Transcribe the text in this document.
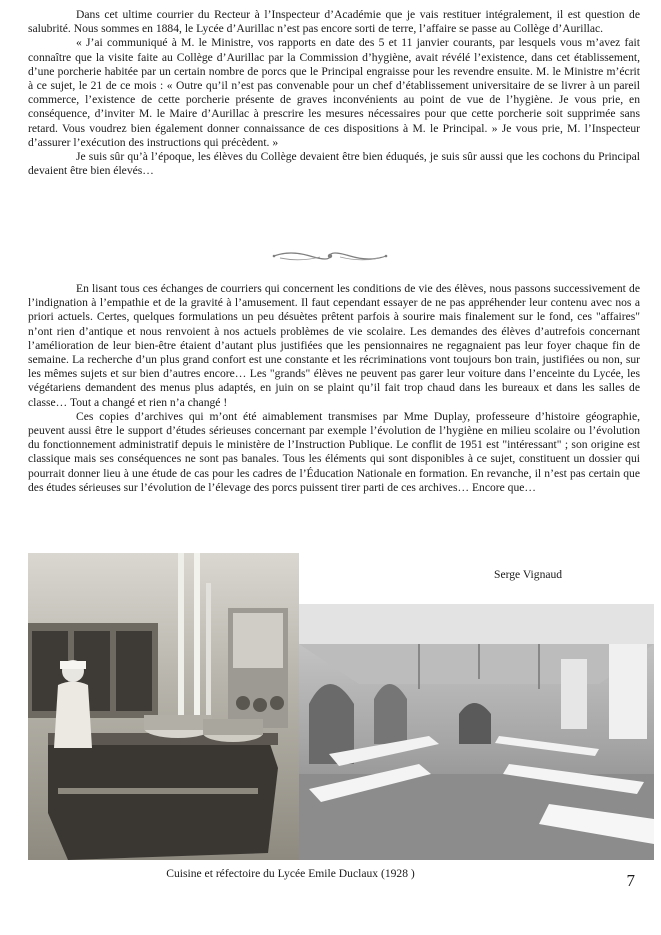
Dans cet ultime courrier du Recteur à l’Inspecteur d’Académie que je vais restituer intégralement, il est question de salubrité. Nous sommes en 1884, le Lycée d’Aurillac n’est pas encore sorti de terre, l’affaire se passe au Collège d’Aurillac.

« J’ai communiqué à M. le Ministre, vos rapports en date des 5 et 11 janvier courants, par lesquels vous m’avez fait connaître que la visite faite au Collège d’Aurillac par la Commission d’hygiène, avait révélé l’existence, dans cet établissement, d’une porcherie habitée par un certain nombre de porcs que le Principal engraisse pour les revendre ensuite. M. le Ministre m’écrit à ce sujet, le 21 de ce mois : « Outre qu’il n’est pas convenable pour un chef d’établissement universitaire de se livrer à un pareil commerce, l’existence de cette porcherie présente de graves inconvénients au point de vue de l’hygiène. Je vous prie, en conséquence, d’inviter M. le Maire d’Aurillac à prescrire les mesures nécessaires pour que cette porcherie soit supprimée sans retard. Vous voudrez bien également donner connaissance de ces dispositions à M. le Principal. » Je vous prie, M. l’Inspecteur d’assurer l’exécution des instructions qui précèdent. »

Je suis sûr qu’à l’époque, les élèves du Collège devaient être bien éduqués, je suis sûr aussi que les cochons du Principal devaient être bien élevés…

En lisant tous ces échanges de courriers qui concernent les conditions de vie des élèves, nous passons successivement de l’indignation à l’empathie et de la gravité à l’amusement. Il faut cependant essayer de ne pas appréhender leur contenu avec nos a priori actuels. Certes, quelques formulations un peu désuètes prêtent parfois à sourire mais finalement sur le fond, ces "affaires" n’ont rien d’antique et nous renvoient à nos actuels problèmes de vie scolaire. Les demandes des élèves d’autrefois concernant l’amélioration de leur bien-être étaient d’autant plus justifiées que les pensionnaires ne regagnaient pas leur foyer chaque fin de semaine. La recherche d’un plus grand confort est une constante et les récriminations vont toujours bon train, justifiées ou non, sur les mêmes sujets et sur bien d’autres encore… Les "grands" élèves ne peuvent pas garer leur voiture dans l’enceinte du Lycée, les végétariens demandent des menus plus adaptés, en juin on se plaint qu’il fait trop chaud dans les bureaux et dans les salles de classe… Tout a changé et rien n’a changé !

Ces copies d’archives qui m’ont été aimablement transmises par Mme Duplay, professeure d’histoire géographie, peuvent aussi être le support d’études sérieuses concernant par exemple l’évolution de l’hygiène en milieu scolaire ou l’évolution du fonctionnement administratif depuis le ministère de l’Instruction Publique. Le conflit de 1951 est "intéressant" ; son origine est classique mais ses conséquences ne sont pas banales. Tous les éléments qui sont disponibles à ce sujet, constituent un dossier qui pourrait donner lieu à une étude de cas pour les cadres de l’Éducation Nationale en formation. En revanche, il n’est pas certain que des études sérieuses sur l’évolution de l’élevage des porcs puissent tirer parti de ces archives… Encore que…

Serge Vignaud
Cuisine et réfectoire du Lycée Emile Duclaux (1928 )	7
